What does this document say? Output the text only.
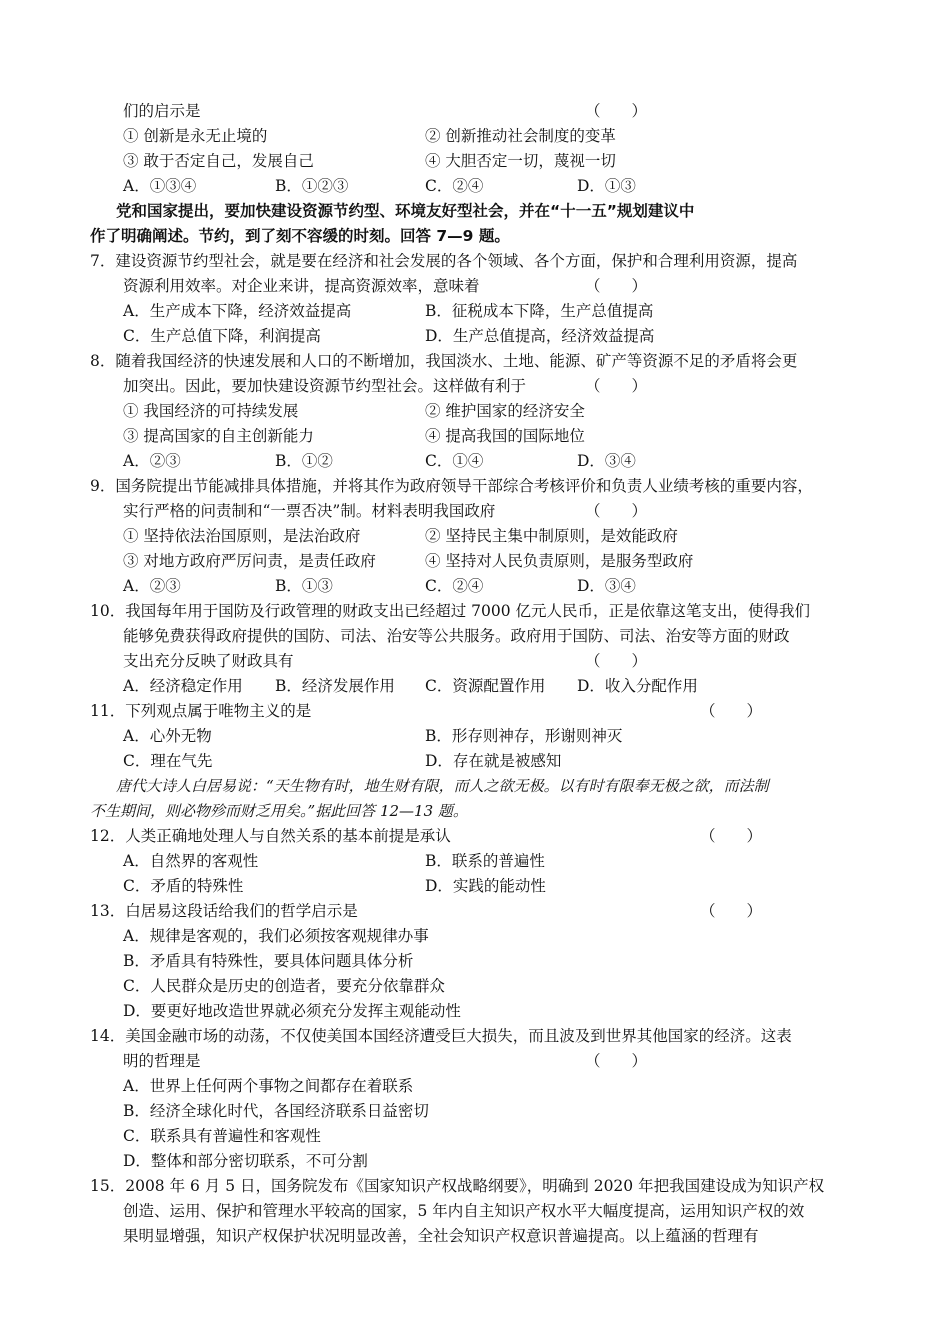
们的启示是	（　　）
① 创新是永无止境的	② 创新推动社会制度的变革
③ 敢于否定自己，发展自己	④ 大胆否定一切，蔑视一切
A．①③④	B．①②③	C．②④	D．①③
党和国家提出，要加快建设资源节约型、环境友好型社会，并在“十一五”规划建议中
作了明确阐述。节约，到了刻不容缓的时刻。回答 7—9 题。
7．建设资源节约型社会，就是要在经济和社会发展的各个领域、各个方面，保护和合理利用资源，提高
资源利用效率。对企业来讲，提高资源效率，意味着	（　　）
A．生产成本下降，经济效益提高	B．征税成本下降，生产总值提高
C．生产总值下降，利润提高	D．生产总值提高，经济效益提高
8．随着我国经济的快速发展和人口的不断增加，我国淡水、土地、能源、矿产等资源不足的矛盾将会更
加突出。因此，要加快建设资源节约型社会。这样做有利于	（　　）
① 我国经济的可持续发展	② 维护国家的经济安全
③ 提高国家的自主创新能力	④ 提高我国的国际地位
A．②③	B．①②	C．①④	D．③④
9．国务院提出节能减排具体措施，并将其作为政府领导干部综合考核评价和负责人业绩考核的重要内容，
实行严格的问责制和“一票否决”制。材料表明我国政府	（　　）
① 坚持依法治国原则，是法治政府	② 坚持民主集中制原则，是效能政府
③ 对地方政府严厉问责，是责任政府	④ 坚持对人民负责原则，是服务型政府
A．②③	B．①③	C．②④	D．③④
10．我国每年用于国防及行政管理的财政支出已经超过 7000 亿元人民币，正是依靠这笔支出，使得我们
能够免费获得政府提供的国防、司法、治安等公共服务。政府用于国防、司法、治安等方面的财政
支出充分反映了财政具有	（　　）
A．经济稳定作用 B．经济发展作用 C．资源配置作用 D．收入分配作用
11．下列观点属于唯物主义的是	（　　）
A．心外无物	B．形存则神存，形谢则神灭
C．理在气先	D．存在就是被感知
唐代大诗人白居易说：“天生物有时，地生财有限，而人之欲无极。以有时有限奉无极之欲，而法制
不生期间，则必物殄而财乏用矣。”据此回答 12—13 题。
12．人类正确地处理人与自然关系的基本前提是承认	（　　）
A．自然界的客观性	B．联系的普遍性
C．矛盾的特殊性	D．实践的能动性
13．白居易这段话给我们的哲学启示是	（　　）
A．规律是客观的，我们必须按客观规律办事
B．矛盾具有特殊性，要具体问题具体分析
C．人民群众是历史的创造者，要充分依靠群众
D．要更好地改造世界就必须充分发挥主观能动性
14．美国金融市场的动荡，不仅使美国本国经济遭受巨大损失，而且波及到世界其他国家的经济。这表
明的哲理是	（　　）
A．世界上任何两个事物之间都存在着联系
B．经济全球化时代，各国经济联系日益密切
C．联系具有普遍性和客观性
D．整体和部分密切联系，不可分割
15．2008 年 6 月 5 日，国务院发布《国家知识产权战略纲要》，明确到 2020 年把我国建设成为知识产权
创造、运用、保护和管理水平较高的国家，5 年内自主知识产权水平大幅度提高，运用知识产权的效
果明显增强，知识产权保护状况明显改善，全社会知识产权意识普遍提高。以上蕴涵的哲理有
